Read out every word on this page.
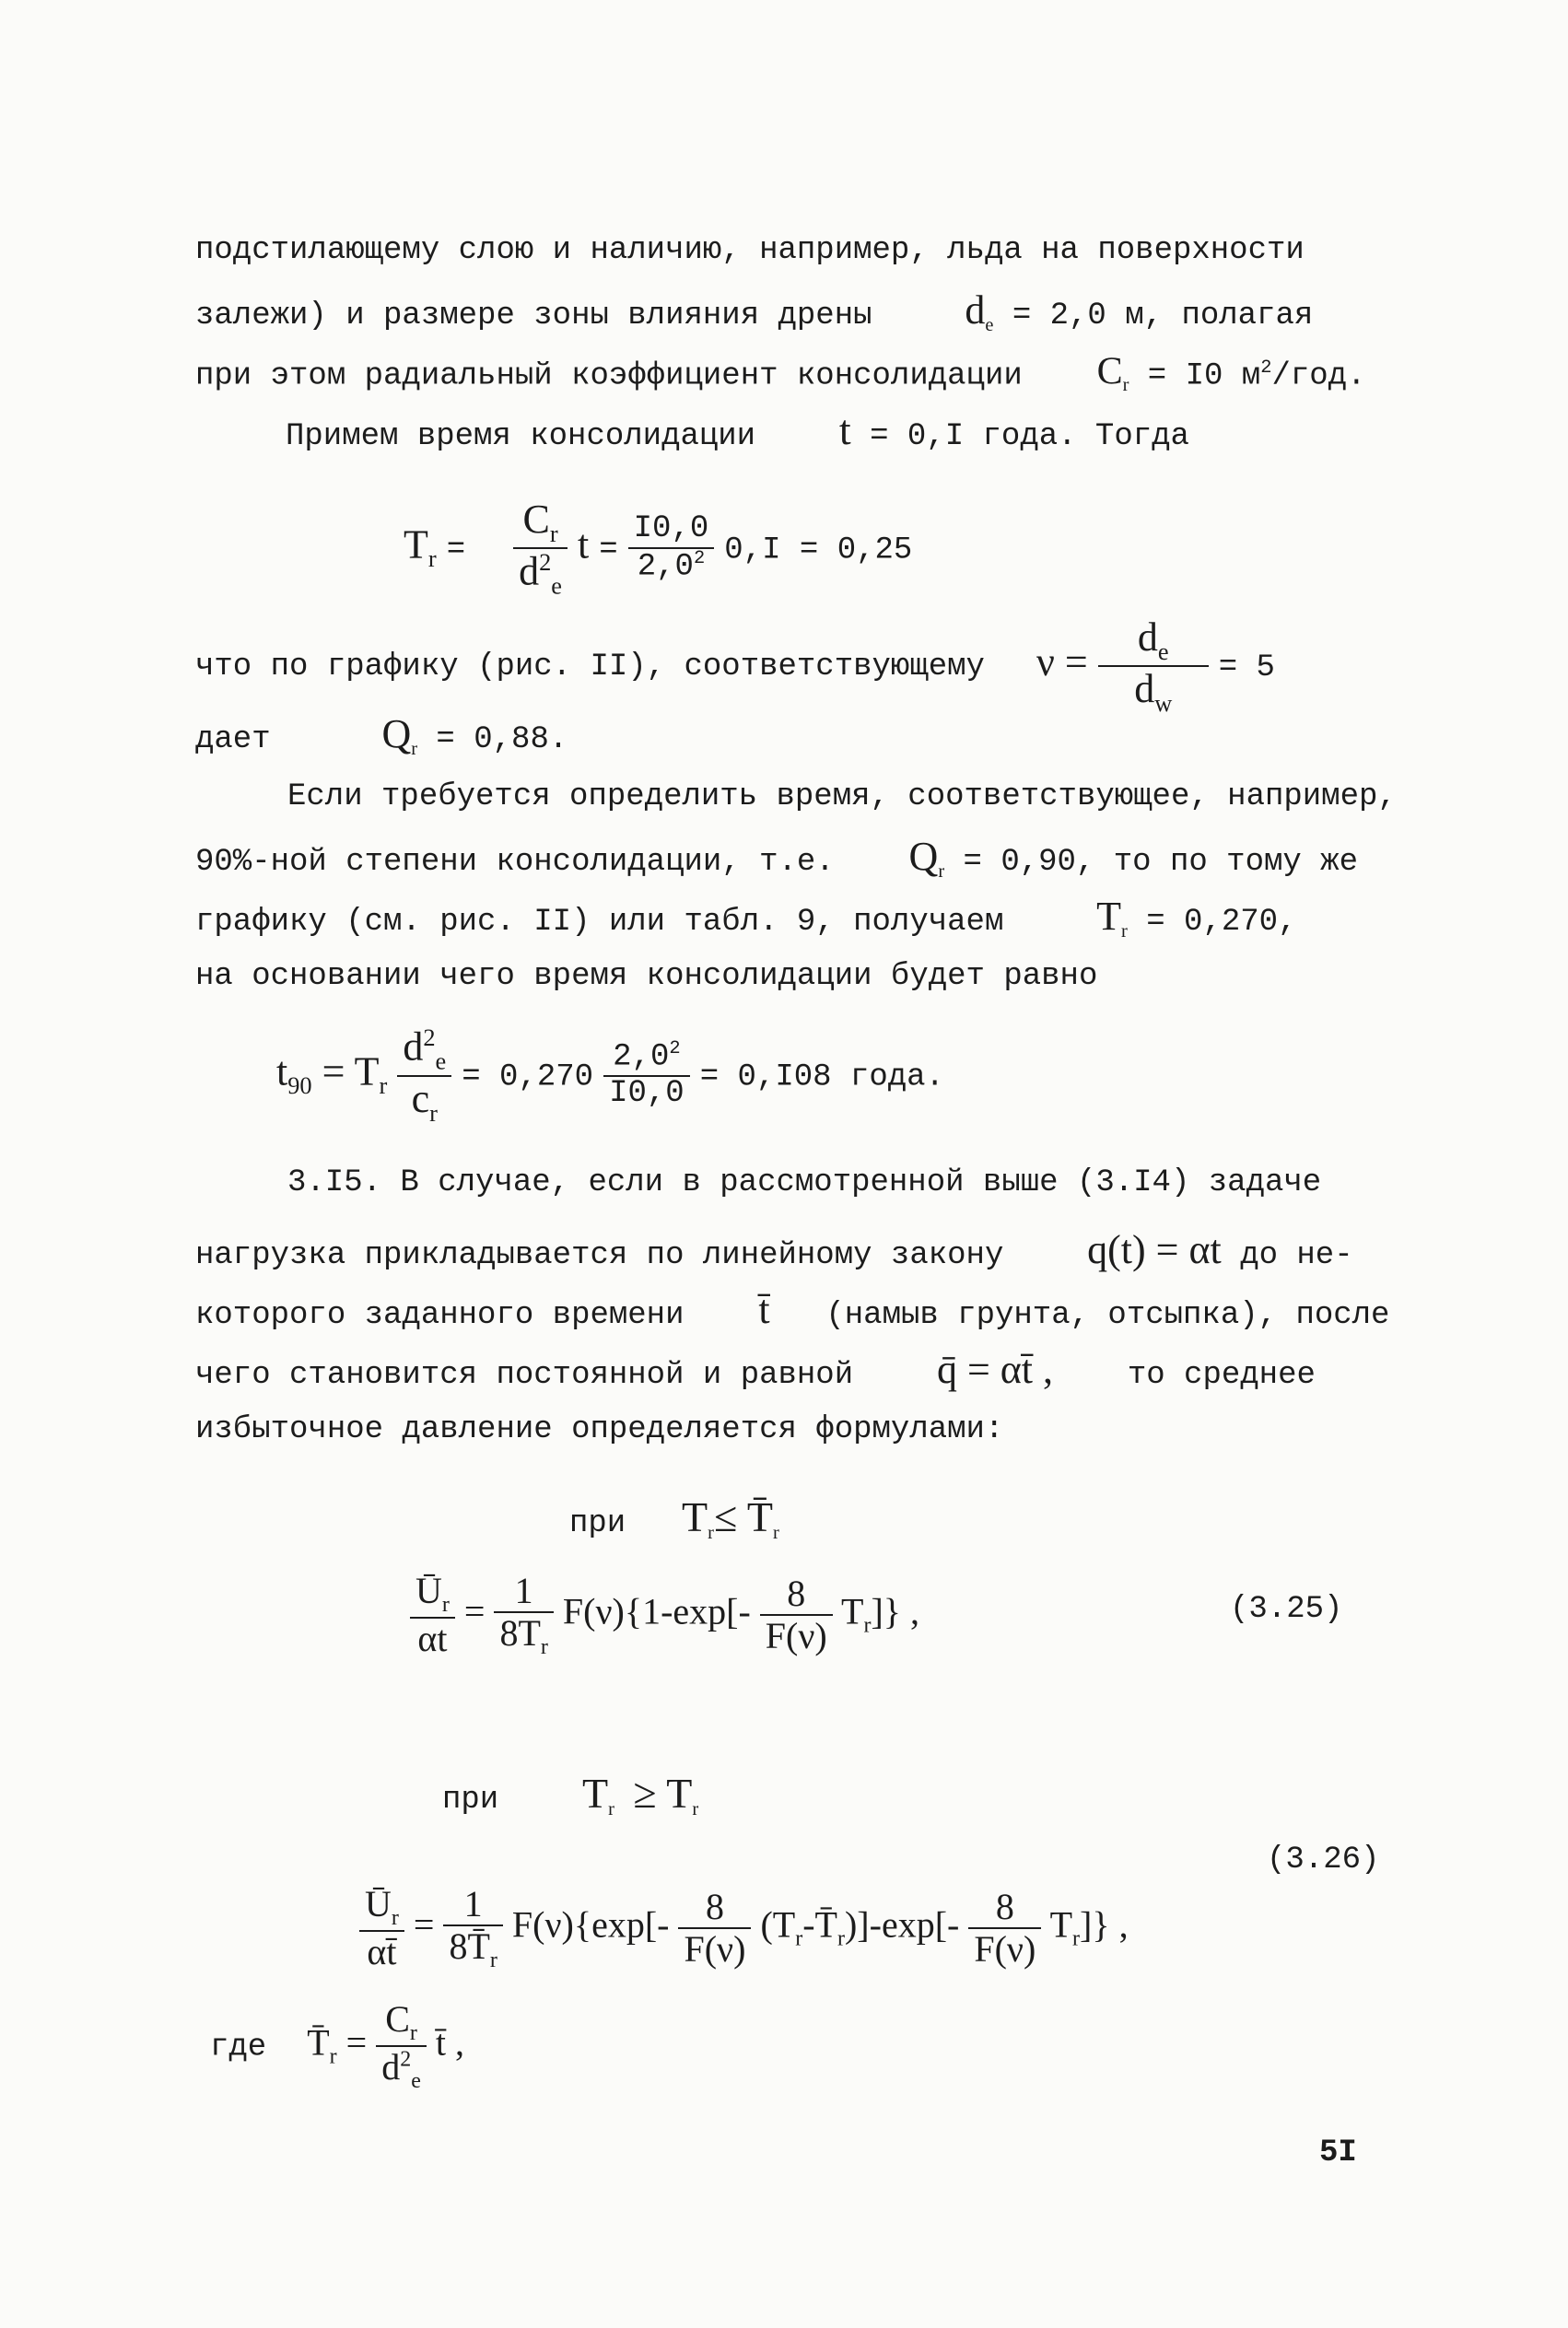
подстилающему слою и наличию, например, льда на поверхности
залежи) и размере зоны влияния дрены $d_e = 2,0$ м, полагая
при этом радиальный коэффициент консолидации $C_r = I0$ $м^2$/год.
Примем время консолидации t = 0,I года. Тогда
$T_r = \frac{C_r}{d^2_e}$ $t = \frac{I0,0}{2,0^2} 0,I = 0,25$
что по графику (рис. II), соответствующему $\nu = \frac{d_e}{d_w} = 5$
дает	$Q_r = 0,88$.
Если требуется определить время, соответствующее, например,
90%-ной степени консолидации, т.е. $Q_r = 0,90$, то по тому же
графику (см. рис. II) или табл. 9, получаем $T_r = 0,270$,
на основании чего время консолидации будет равно
$t_{90} = T_r \frac{d^2_e}{c_r} = 0,270 \frac{2,0^2}{I0,0} = 0,I08$ года.
3.I5. В случае, если в рассмотренной выше (3.I4) задаче
нагрузка прикладывается по линейному закону q(t) = αt до не-
которого заданного времени t̄ (намыв грунта, отсыпка), после
чего становится постоянной и равной q̄ = αt̄ , то среднее
избыточное давление определяется формулами:
при $T_r\le$ $T̄_r$
$\frac{Ū_r}{\alpha t} = \frac{1}{8T_r} F(\nu)\{1-\exp[- \frac{8}{F(\nu)} T_r]\}$ ,	(3.25)
при $T_r \ge T_r$
(3.26)
$\frac{Ū_r}{\alpha t̄} = \frac{1}{8T̄_r} F(\nu)\{\exp[- \frac{8}{F(\nu)}$ $(T_r-T̄_r)]-\exp[- \frac{8}{F(\nu)} T_r]$} ,
где $T̄_r = \frac{C_r}{d^2_e}$ t̄ ,
5I
